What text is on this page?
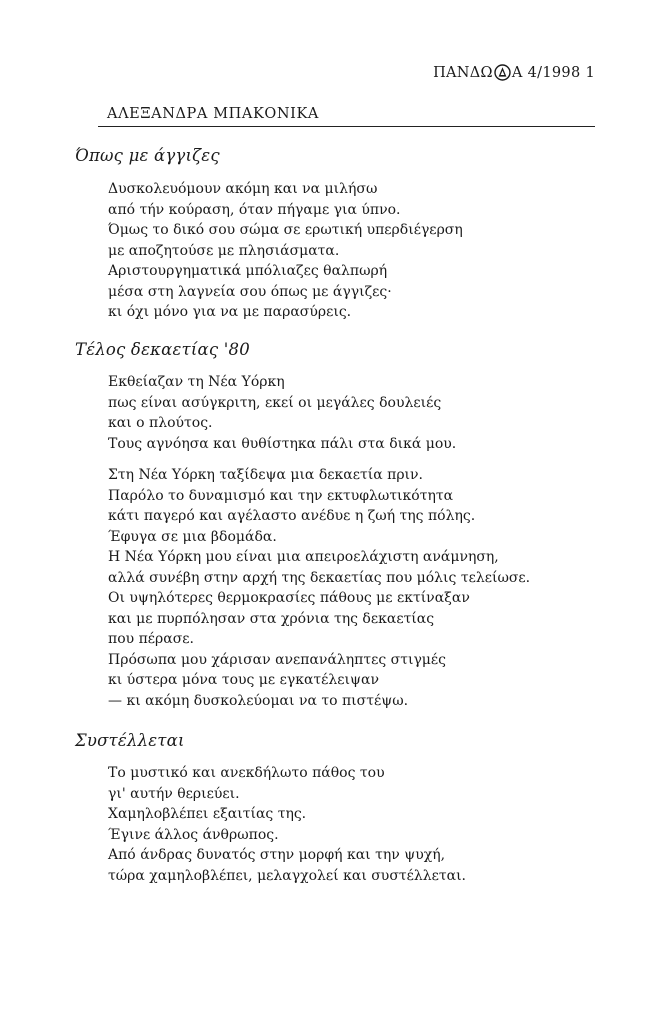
ΠΑΝΔΩ Α 4/1998 1
ΑΛΕΞΑΝΔΡΑ ΜΠΑΚΟΝΙΚΑ
Όπως με άγγιζες
Δυσκολευόμουν ακόμη και να μιλήσω
από τήν κούραση, όταν πήγαμε για ύπνο.
Όμως το δικό σου σώμα σε ερωτική υπερδιέγερση
με αποζητούσε με πλησιάσματα.
Αριστουργηματικά μπόλιαζες θαλπωρή
μέσα στη λαγνεία σου όπως με άγγιζες·
κι όχι μόνο για να με παρασύρεις.
Τέλος δεκαετίας '80
Εκθείαζαν τη Νέα Υόρκη
πως είναι ασύγκριτη, εκεί οι μεγάλες δουλειές
και ο πλούτος.
Τους αγνόησα και θυθίστηκα πάλι στα δικά μου.
Στη Νέα Υόρκη ταξίδεψα μια δεκαετία πριν.
Παρόλο το δυναμισμό και την εκτυφλωτικότητα
κάτι παγερό και αγέλαστο ανέδυε η ζωή της πόλης.
Έφυγα σε μια βδομάδα.
Η Νέα Υόρκη μου είναι μια απειροελάχιστη ανάμνηση,
αλλά συνέβη στην αρχή της δεκαετίας που μόλις τελείωσε.
Οι υψηλότερες θερμοκρασίες πάθους με εκτίναξαν
και με πυρπόλησαν στα χρόνια της δεκαετίας
που πέρασε.
Πρόσωπα μου χάρισαν ανεπανάληπτες στιγμές
κι ύστερα μόνα τους με εγκατέλειψαν
— κι ακόμη δυσκολεύομαι να το πιστέψω.
Συστέλλεται
Το μυστικό και ανεκδήλωτο πάθος του
γι' αυτήν θεριεύει.
Χαμηλοβλέπει εξαιτίας της.
Έγινε άλλος άνθρωπος.
Από άνδρας δυνατός στην μορφή και την ψυχή,
τώρα χαμηλοβλέπει, μελαγχολεί και συστέλλεται.
